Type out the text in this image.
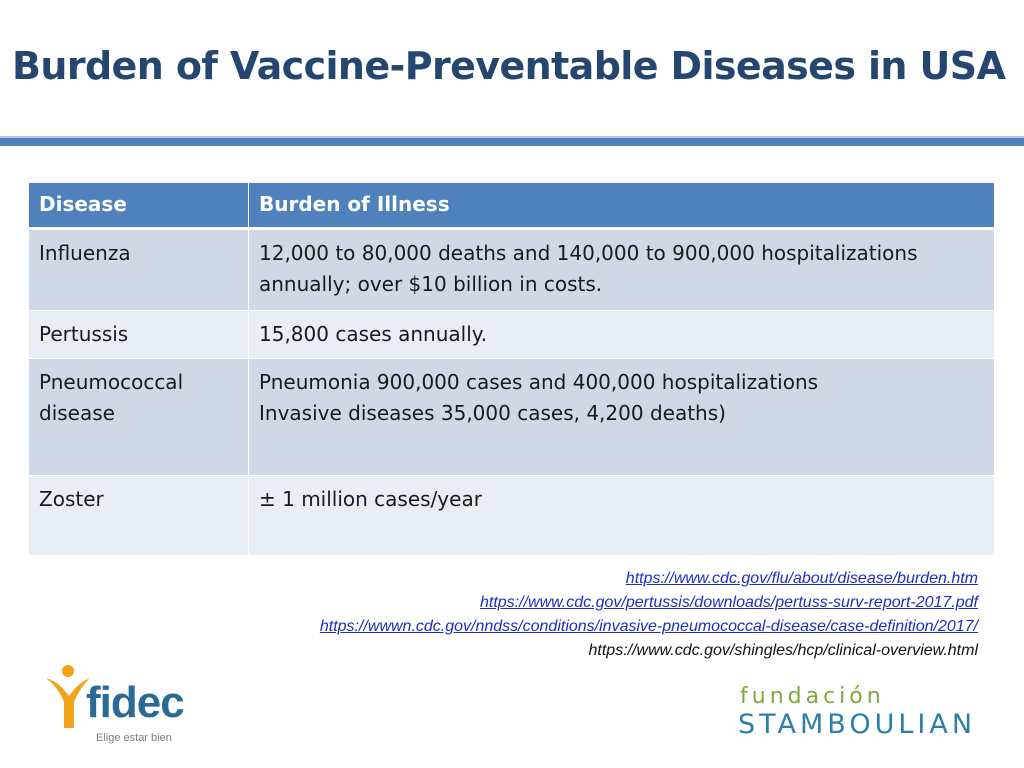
Burden of Vaccine-Preventable Diseases in USA
Disease	Burden of Illness
Influenza	12,000 to 80,000 deaths and 140,000 to 900,000 hospitalizations annually; over $10 billion in costs.
Pertussis	15,800 cases annually.
Pneumococcal disease	Pneumonia 900,000 cases and 400,000 hospitalizations
Invasive diseases 35,000 cases, 4,200 deaths)
Zoster	± 1 million cases/year
https://www.cdc.gov/flu/about/disease/burden.htm
https://www.cdc.gov/pertussis/downloads/pertuss-surv-report-2017.pdf
https://wwwn.cdc.gov/nndss/conditions/invasive-pneumococcal-disease/case-definition/2017/
https://www.cdc.gov/shingles/hcp/clinical-overview.html
fidec
Elige estar bien
fundación
STAMBOULIAN
